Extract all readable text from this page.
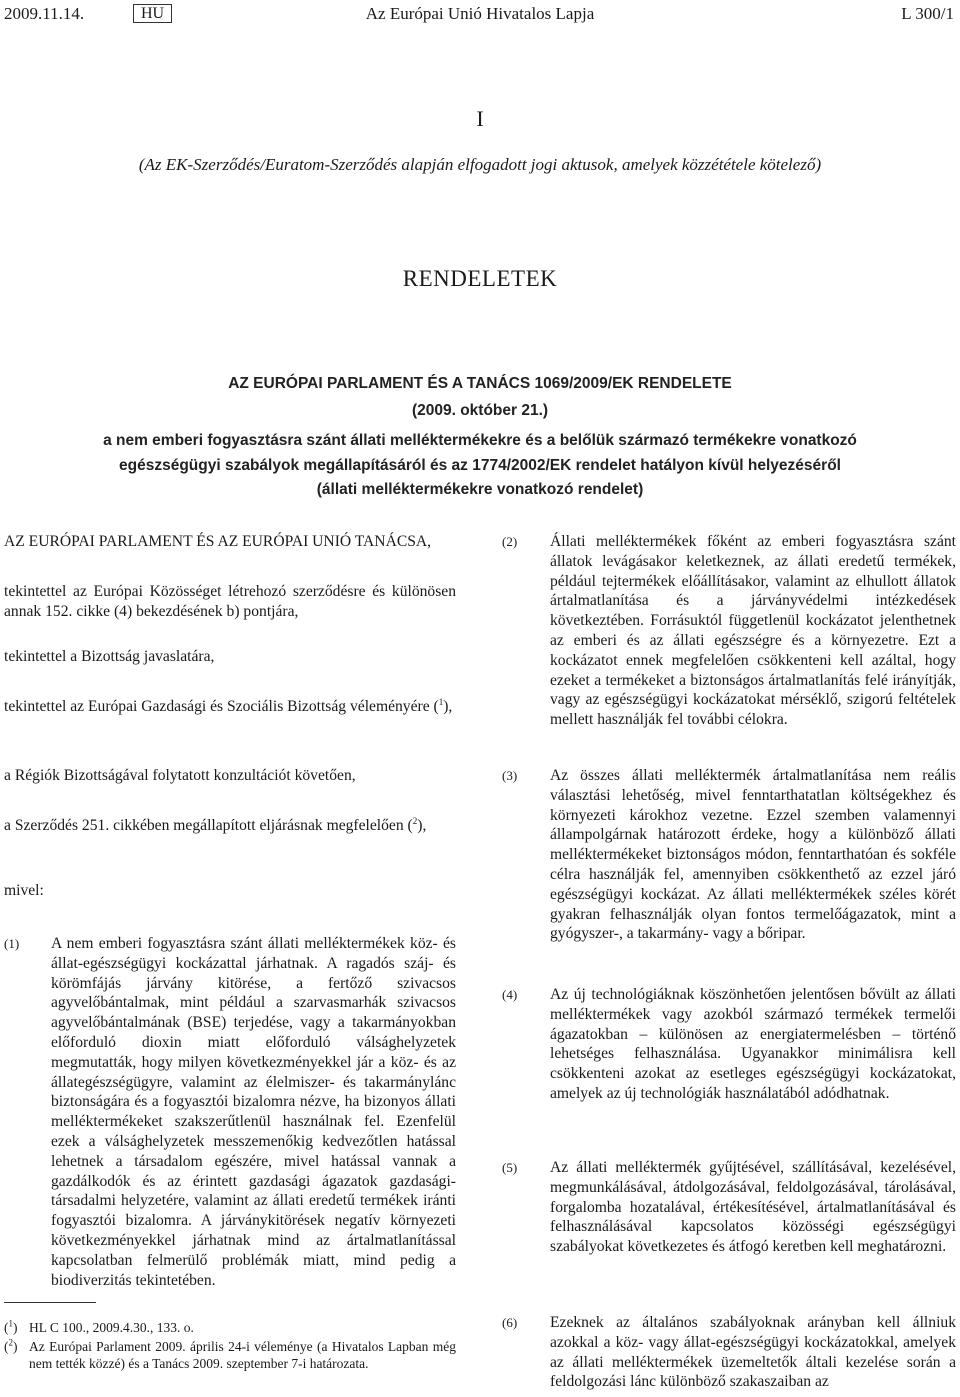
2009.11.14.	HU	Az Európai Unió Hivatalos Lapja	L 300/1
I
(Az EK-Szerződés/Euratom-Szerződés alapján elfogadott jogi aktusok, amelyek közzététele kötelező)
RENDELETEK
AZ EURÓPAI PARLAMENT ÉS A TANÁCS 1069/2009/EK RENDELETE
(2009. október 21.)
a nem emberi fogyasztásra szánt állati melléktermékekre és a belőlük származó termékekre vonatkozó
egészségügyi szabályok megállapításáról és az 1774/2002/EK rendelet hatályon kívül helyezéséről
(állati melléktermékekre vonatkozó rendelet)

AZ EURÓPAI PARLAMENT ÉS AZ EURÓPAI UNIÓ TANÁCSA,

tekintettel az Európai Közösséget létrehozó szerződésre és különösen annak 152. cikke (4) bekezdésének b) pontjára,

tekintettel a Bizottság javaslatára,

tekintettel az Európai Gazdasági és Szociális Bizottság véleményére ($^1$),

a Régiók Bizottságával folytatott konzultációt követően,

a Szerződés 251. cikkében megállapított eljárásnak megfelelően ($^2$),

mivel:

(1) A nem emberi fogyasztásra szánt állati melléktermékek köz- és állat-egészségügyi kockázattal járhatnak. A ragadós száj- és körömfájás járvány kitörése, a fertőző szivacsos agyvelőbántalmak, mint például a szarvasmarhák szivacsos agyvelőbántalmának (BSE) terjedése, vagy a takarmányokban előforduló dioxin miatt előforduló válsághelyzetek megmutatták, hogy milyen következményekkel jár a köz- és az állategészségügyre, valamint az élelmiszer- és takarmánylánc biztonságára és a fogyasztói bizalomra nézve, ha bizonyos állati melléktermékeket szakszerűtlenül használnak fel. Ezenfelül ezek a válsághelyzetek messzemenőkig kedvezőtlen hatással lehetnek a társadalom egészére, mivel hatással vannak a gazdálkodók és az érintett gazdasági ágazatok gazdasági-társadalmi helyzetére, valamint az állati eredetű termékek iránti fogyasztói bizalomra. A járványkitörések negatív környezeti következményekkel járhatnak mind az ártalmatlanítással kapcsolatban felmerülő problémák miatt, mind pedig a biodiverzitás tekintetében.
($^1$) HL C 100., 2009.4.30., 133. o.
($^2$) Az Európai Parlament 2009. április 24-i véleménye (a Hivatalos Lapban még nem tették közzé) és a Tanács 2009. szeptember 7-i határozata.
(2) Állati melléktermékek főként az emberi fogyasztásra szánt állatok levágásakor keletkeznek, az állati eredetű termékek, például tejtermékek előállításakor, valamint az elhullott állatok ártalmatlanítása és a járványvédelmi intézkedések következtében. Forrásuktól függetlenül kockázatot jelenthetnek az emberi és az állati egészségre és a környezetre. Ezt a kockázatot ennek megfelelően csökkenteni kell azáltal, hogy ezeket a termékeket a biztonságos ártalmatlanítás felé irányítják, vagy az egészségügyi kockázatokat mérséklő, szigorú feltételek mellett használják fel további célokra.
(3) Az összes állati melléktermék ártalmatlanítása nem reális választási lehetőség, mivel fenntarthatatlan költségekhez és környezeti károkhoz vezetne. Ezzel szemben valamennyi állampolgárnak határozott érdeke, hogy a különböző állati melléktermékeket biztonságos módon, fenntarthatóan és sokféle célra használják fel, amennyiben csökkenthető az ezzel járó egészségügyi kockázat. Az állati melléktermékek széles körét gyakran felhasználják olyan fontos termelőágazatok, mint a gyógyszer-, a takarmány- vagy a bőripar.
(4) Az új technológiáknak köszönhetően jelentősen bővült az állati melléktermékek vagy azokból származó termékek termelői ágazatokban – különösen az energiatermelésben – történő lehetséges felhasználása. Ugyanakkor minimálisra kell csökkenteni azokat az esetleges egészségügyi kockázatokat, amelyek az új technológiák használatából adódhatnak.
(5) Az állati melléktermék gyűjtésével, szállításával, kezelésével, megmunkálásával, átdolgozásával, feldolgozásával, tárolásával, forgalomba hozatalával, értékesítésével, ártalmatlanításával és felhasználásával kapcsolatos közösségi egészségügyi szabályokat következetes és átfogó keretben kell meghatározni.
(6) Ezeknek az általános szabályoknak arányban kell állniuk azokkal a köz- vagy állat-egészségügyi kockázatokkal, amelyek az állati melléktermékek üzemeltetők általi kezelése során a feldolgozási lánc különböző szakaszaiban az
